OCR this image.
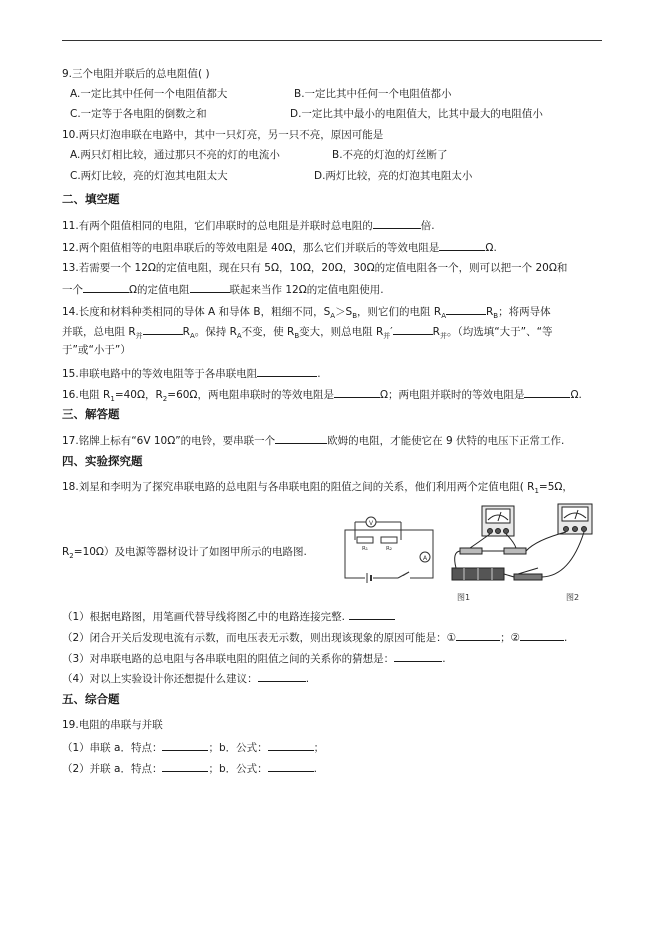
9.三个电阻并联后的总电阻值( )
A.一定比其中任何一个电阻值都大	B.一定比其中任何一个电阻值都小
C.一定等于各电阻的倒数之和	D.一定比其中最小的电阻值大，比其中最大的电阻值小
10.两只灯泡串联在电路中，其中一只灯亮，另一只不亮，原因可能是
A.两只灯相比较，通过那只不亮的灯的电流小	B.不亮的灯泡的灯丝断了
C.两灯比较，亮的灯泡其电阻太大	D.两灯比较，亮的灯泡其电阻太小
二、填空题
11.有两个阻值相同的电阻，它们串联时的总电阻是并联时总电阻的	倍.
12.两个阻值相等的电阻串联后的等效电阻是 40Ω，那么它们并联后的等效电阻是	Ω.
13.若需要一个 12Ω的定值电阻，现在只有 5Ω，10Ω，20Ω，30Ω的定值电阻各一个，则可以把一个 20Ω和
一个	Ω的定值电阻	联起来当作 12Ω的定值电阻使用.
14.长度和材料种类相同的导体 A 和导体 B，粗细不同，$S_A>S_B$，则它们的电阻 $R_A$	$R_B$；将两导体
并联，总电阻 $R_并$	$R_A$。保持 $R_A$不变，使 $R_B$变大，则总电阻 $R_并'$	$R_并$。（均选填“大于”、“等
于”或“小于”）
15.串联电路中的等效电阻等于各串联电阻	.
16.电阻 $R_1=40\Omega$，$R_2=60\Omega$，两电阻串联时的等效电阻是	Ω；两电阻并联时的等效电阻是	Ω.
三、解答题
17.铭牌上标有“6V 10Ω”的电铃，要串联一个	欧姆的电阻，才能使它在 9 伏特的电压下正常工作.
四、实验探究题
18.刘星和李明为了探究串联电路的总电阻与各串联电阻的阻值之间的关系，他们利用两个定值电阻( $R_1=5\Omega$，
$R_2=10\Omega$）及电源等器材设计了如图甲所示的电路图.
V
A
R₁	R₂
图1	图2
（1）根据电路图，用笔画代替导线将图乙中的电路连接完整.
（2）闭合开关后发现电流有示数，而电压表无示数，则出现该现象的原因可能是：①	；②	.
（3）对串联电路的总电阻与各串联电阻的阻值之间的关系你的猜想是：	.
（4）对以上实验设计你还想提什么建议：	.
五、综合题
19.电阻的串联与并联
（1）串联 a．特点：	；b．公式：	；
（2）并联 a．特点：	；b．公式：	.
